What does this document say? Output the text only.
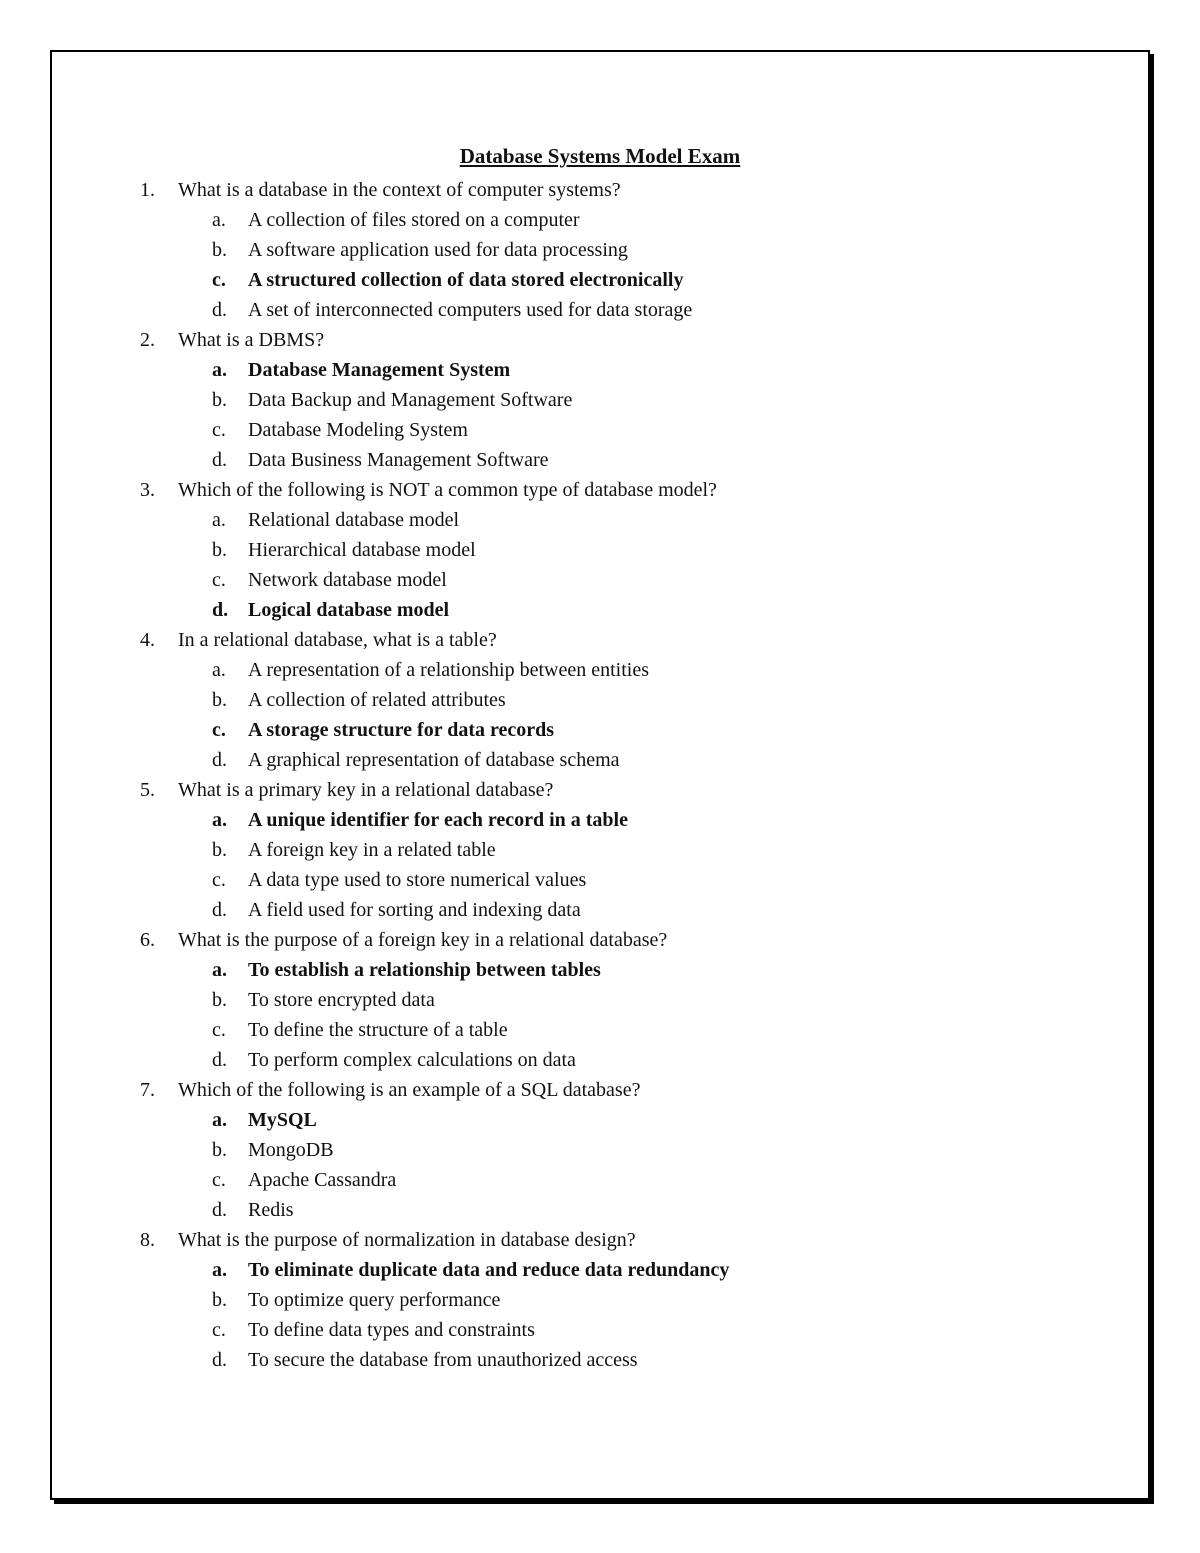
Database Systems Model Exam
1.	What is a database in the context of computer systems?
a.	A collection of files stored on a computer
b.	A software application used for data processing
c.	A structured collection of data stored electronically
d.	A set of interconnected computers used for data storage
2.	What is a DBMS?
a.	Database Management System
b.	Data Backup and Management Software
c.	Database Modeling System
d.	Data Business Management Software
3.	Which of the following is NOT a common type of database model?
a.	Relational database model
b.	Hierarchical database model
c.	Network database model
d. Logical database model
4.	In a relational database, what is a table?
a.	A representation of a relationship between entities
b.	A collection of related attributes
c.	A storage structure for data records
d.	A graphical representation of database schema
5.	What is a primary key in a relational database?
a.	A unique identifier for each record in a table
b.	A foreign key in a related table
c.	A data type used to store numerical values
d.	A field used for sorting and indexing data
6.	What is the purpose of a foreign key in a relational database?
a.	To establish a relationship between tables
b.	To store encrypted data
c.	To define the structure of a table
d.	To perform complex calculations on data
7.	Which of the following is an example of a SQL database?
a.	MySQL
b.	MongoDB
c.	Apache Cassandra
d.	Redis
8.	What is the purpose of normalization in database design?
a.	To eliminate duplicate data and reduce data redundancy
b.	To optimize query performance
c.	To define data types and constraints
d.	To secure the database from unauthorized access
